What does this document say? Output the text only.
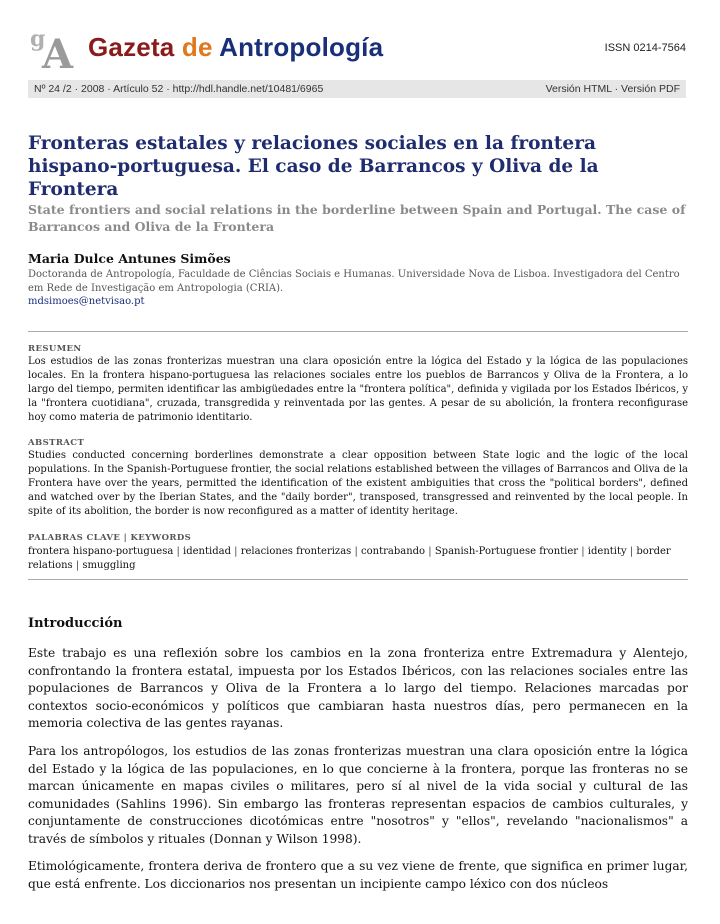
g
A Gazeta de Antropología	ISSN 0214-7564
Nº 24 /2 · 2008 · Artículo 52 · http://hdl.handle.net/10481/6965	Versión HTML · Versión PDF
Fronteras estatales y relaciones sociales en la frontera hispano-portuguesa. El caso de Barrancos y Oliva de la Frontera
State frontiers and social relations in the borderline between Spain and Portugal. The case of Barrancos and Oliva de la Frontera
Maria Dulce Antunes Simões
Doctoranda de Antropología, Faculdade de Ciências Sociais e Humanas. Universidade Nova de Lisboa. Investigadora del Centro em Rede de Investigação em Antropologia (CRIA).
mdsimoes@netvisao.pt
RESUMEN

Los estudios de las zonas fronterizas muestran una clara oposición entre la lógica del Estado y la lógica de las populaciones locales. En la frontera hispano-portuguesa las relaciones sociales entre los pueblos de Barrancos y Oliva de la Frontera, a lo largo del tiempo, permiten identificar las ambigüedades entre la "frontera política", definida y vigilada por los Estados Ibéricos, y la "frontera cuotidiana", cruzada, transgredida y reinventada por las gentes. A pesar de su abolición, la frontera reconfigurase hoy como materia de patrimonio identitario.

ABSTRACT

Studies conducted concerning borderlines demonstrate a clear opposition between State logic and the logic of the local populations. In the Spanish-Portuguese frontier, the social relations established between the villages of Barrancos and Oliva de la Frontera have over the years, permitted the identification of the existent ambiguities that cross the "political borders", defined and watched over by the Iberian States, and the "daily border", transposed, transgressed and reinvented by the local people. In spite of its abolition, the border is now reconfigured as a matter of identity heritage.

PALABRAS CLAVE | KEYWORDS
frontera hispano-portuguesa | identidad | relaciones fronterizas | contrabando | Spanish-Portuguese frontier | identity | border relations | smuggling
Introducción

Este trabajo es una reflexión sobre los cambios en la zona fronteriza entre Extremadura y Alentejo, confrontando la frontera estatal, impuesta por los Estados Ibéricos, con las relaciones sociales entre las populaciones de Barrancos y Oliva de la Frontera a lo largo del tiempo. Relaciones marcadas por contextos socio-económicos y políticos que cambiaran hasta nuestros días, pero permanecen en la memoria colectiva de las gentes rayanas.

Para los antropólogos, los estudios de las zonas fronterizas muestran una clara oposición entre la lógica del Estado y la lógica de las populaciones, en lo que concierne à la frontera, porque las fronteras no se marcan únicamente en mapas civiles o militares, pero sí al nivel de la vida social y cultural de las comunidades (Sahlins 1996). Sin embargo las fronteras representan espacios de cambios culturales, y conjuntamente de construcciones dicotómicas entre "nosotros" y "ellos", revelando "nacionalismos" a través de símbolos y rituales (Donnan y Wilson 1998).

Etimológicamente, frontera deriva de frontero que a su vez viene de frente, que significa en primer lugar, que está enfrente. Los diccionarios nos presentan un incipiente campo léxico con dos núcleos
